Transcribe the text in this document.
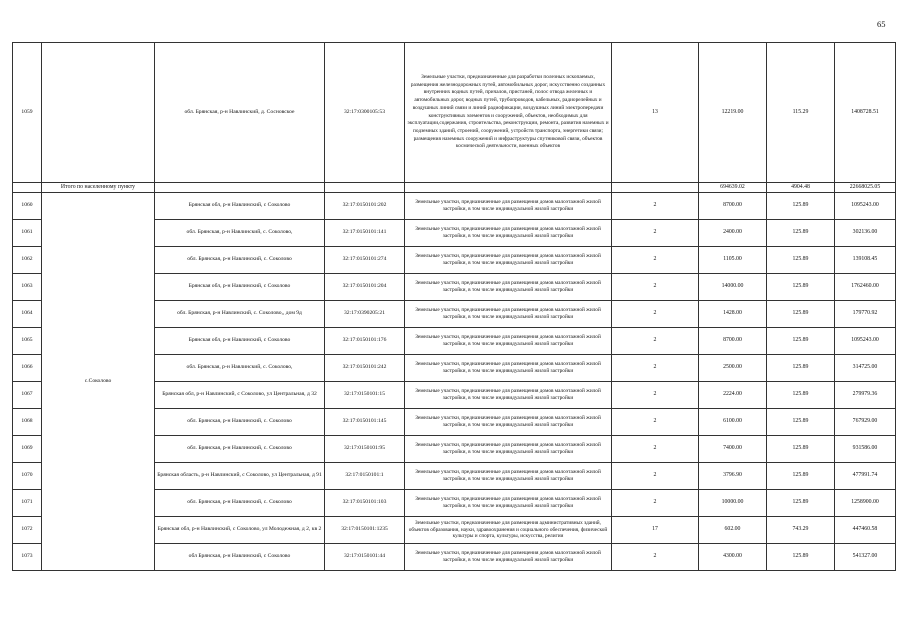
65
1059		обл. Брянская, р-н Навлинский, д. Сосновское	32:17:0300105:53	Земельные участки, предназначенные для разработки полезных ископаемых, размещения железнодорожных путей, автомобильных дорог, искусственно созданных внутренних водных путей, причалов, пристаней, полос отвода железных и автомобильных дорог, водных путей, трубопроводов, кабельных, радиорелейных и воздушных линий связи и линий радиофикации, воздушных линий электропередачи конструктивных элементов и сооружений, объектов, необходимых для эксплуатации,содержания, строительства, реконструкции, ремонта, развития наземных и подземных зданий, строений, сооружений, устройств транспорта, энергетики связи; размещения наземных сооружений и инфраструктуры спутниковой связи, объектов космической деятельности, военных объектов	13	12219.00	115.29	1408728.51
	Итого по населенному пункту					694639.02	4904.48	22668025.05
1060	с.Соколово	Брянская обл, р-н Навлинский, с Соколово	32:17:0150101:202	Земельные участки, предназначенные для размещения домов малоэтажной жилой застройки, в том числе индивидуальной жилой застройки	2	8700.00	125.89	1095243.00
1061		обл. Брянская, р-н Навлинский, с. Соколово,	32:17:0150101:141	Земельные участки, предназначенные для размещения домов малоэтажной жилой застройки, в том числе индивидуальной жилой застройки	2	2400.00	125.89	302136.00
1062		обл. Брянская, р-н Навлинский, с. Соколово	32:17:0150101:274	Земельные участки, предназначенные для размещения домов малоэтажной жилой застройки, в том числе индивидуальной жилой застройки	2	1105.00	125.89	139108.45
1063		Брянская обл, р-н Навлинский, с Соколово	32:17:0150101:204	Земельные участки, предназначенные для размещения домов малоэтажной жилой застройки, в том числе индивидуальной жилой застройки	2	14000.00	125.89	1762460.00
1064		обл. Брянская, р-н Навлинский, с. Соколово,, дом 9д	32:17:0390205:21	Земельные участки, предназначенные для размещения домов малоэтажной жилой застройки, в том числе индивидуальной жилой застройки	2	1428.00	125.89	179770.92
1065		Брянская обл, р-н Навлинский, с Соколово	32:17:0150101:176	Земельные участки, предназначенные для размещения домов малоэтажной жилой застройки, в том числе индивидуальной жилой застройки	2	8700.00	125.89	1095243.00
1066		обл. Брянская, р-н Навлинский, с. Соколово,	32:17:0150101:242	Земельные участки, предназначенные для размещения домов малоэтажной жилой застройки, в том числе индивидуальной жилой застройки	2	2500.00	125.89	314725.00
1067		Брянская обл, р-н Навлинский, с Соколово, ул Центральная, д 32	32:17:0150101:15	Земельные участки, предназначенные для размещения домов малоэтажной жилой застройки, в том числе индивидуальной жилой застройки	2	2224.00	125.89	279979.36
1068		обл. Брянская, р-н Навлинский, с. Соколово	32:17:0150101:145	Земельные участки, предназначенные для размещения домов малоэтажной жилой застройки, в том числе индивидуальной жилой застройки	2	6100.00	125.89	767929.00
1069		обл. Брянская, р-н Навлинский, с. Соколово	32:17:0150101:95	Земельные участки, предназначенные для размещения домов малоэтажной жилой застройки, в том числе индивидуальной жилой застройки	2	7400.00	125.89	931586.00
1070		Брянская область, р-н Навлинский, с Соколово, ул Центральная, д 91	32:17:0150101:1	Земельные участки, предназначенные для размещения домов малоэтажной жилой застройки, в том числе индивидуальной жилой застройки	2	3796.90	125.89	477991.74
1071		обл. Брянская, р-н Навлинский, с. Соколово	32:17:0150101:103	Земельные участки, предназначенные для размещения домов малоэтажной жилой застройки, в том числе индивидуальной жилой застройки	2	10000.00	125.89	1258900.00
1072		Брянская обл, р-н Навлинский, с Соколово, ул Молодежная, д 2, кв 2	32:17:0150101:1235	Земельные участки, предназначенные для размещения административных зданий, объектов образования, науки, здравоохранения и социального обеспечения, физической культуры и спорта, культуры, искусства, религии	17	602.00	743.29	447460.58
1073		обл Брянская, р-н Навлинский, с Соколово	32:17:0150101:44	Земельные участки, предназначенные для размещения домов малоэтажной жилой застройки, в том числе индивидуальной жилой застройки	2	4300.00	125.89	541327.00
